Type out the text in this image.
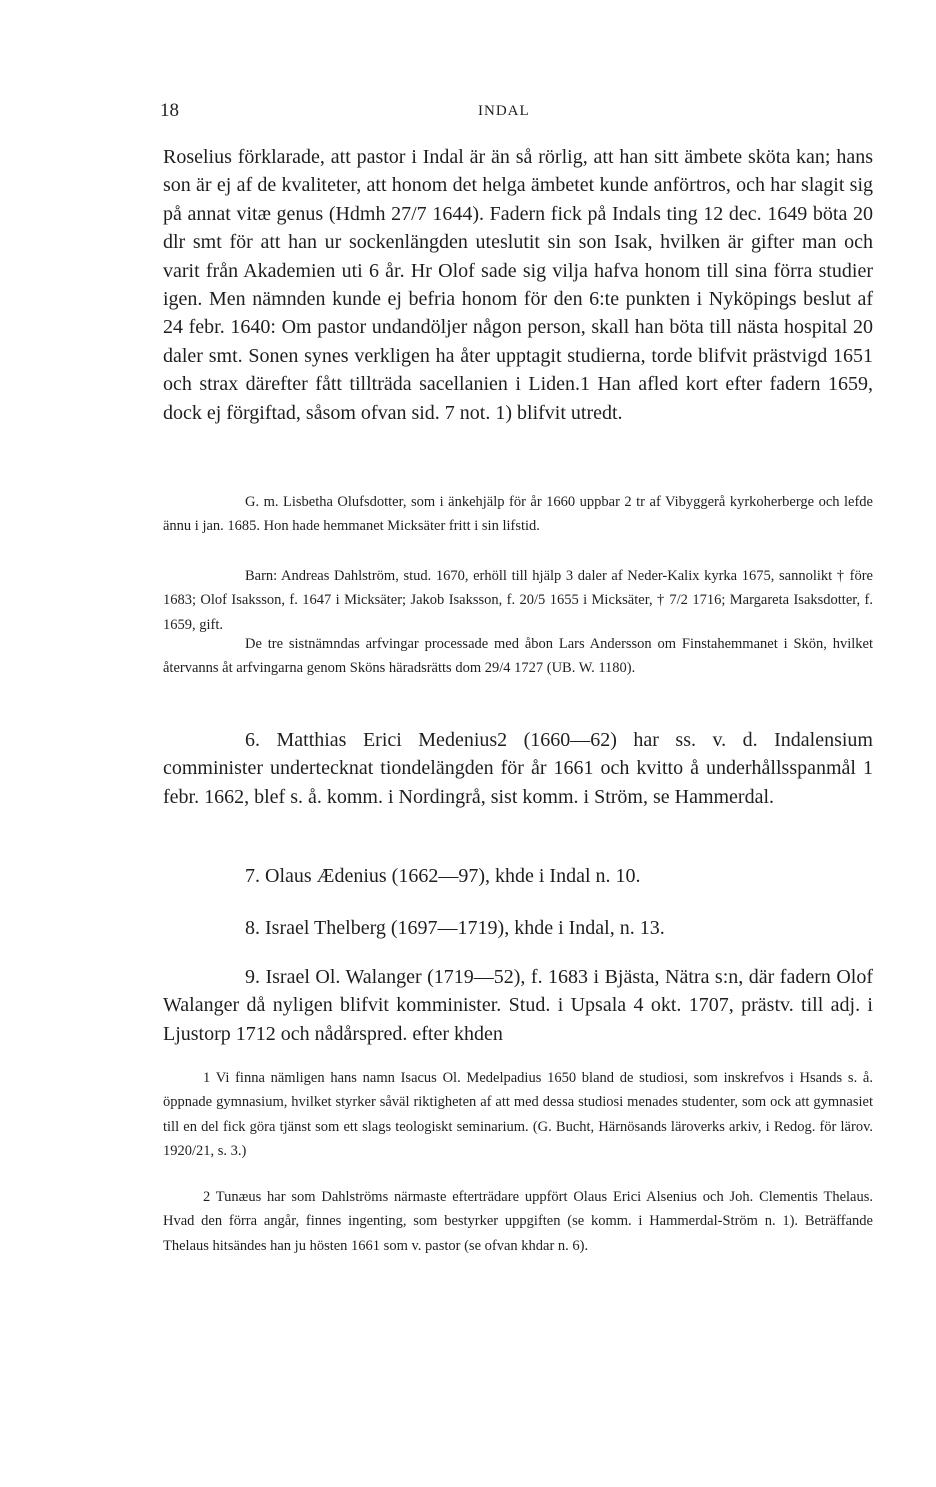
18	INDAL

Roselius förklarade, att pastor i Indal är än så rörlig, att han sitt ämbete sköta kan; hans son är ej af de kvaliteter, att honom det helga ämbetet kunde anförtros, och har slagit sig på annat vitæ genus (Hdmh 27/7 1644). Fadern fick på Indals ting 12 dec. 1649 böta 20 dlr smt för att han ur sockenlängden uteslutit sin son Isak, hvilken är gifter man och varit från Akademien uti 6 år. Hr Olof sade sig vilja hafva honom till sina förra studier igen. Men nämnden kunde ej befria honom för den 6:te punkten i Nyköpings beslut af 24 febr. 1640: Om pastor undandöljer någon person, skall han böta till nästa hospital 20 daler smt. Sonen synes verkligen ha åter upptagit studierna, torde blifvit prästvigd 1651 och strax därefter fått tillträda sacellanien i Liden.1 Han afled kort efter fadern 1659, dock ej förgiftad, såsom ofvan sid. 7 not. 1) blifvit utredt.

G. m. Lisbetha Olufsdotter, som i änkehjälp för år 1660 uppbar 2 tr af Vibyggerå kyrkoherberge och lefde ännu i jan. 1685. Hon hade hemmanet Micksäter fritt i sin lifstid.

Barn: Andreas Dahlström, stud. 1670, erhöll till hjälp 3 daler af Neder-Kalix kyrka 1675, sannolikt † före 1683; Olof Isaksson, f. 1647 i Micksäter; Jakob Isaksson, f. 20/5 1655 i Micksäter, † 7/2 1716; Margareta Isaksdotter, f. 1659, gift.

De tre sistnämndas arfvingar processade med åbon Lars Andersson om Finstahemmanet i Skön, hvilket återvanns åt arfvingarna genom Sköns häradsrätts dom 29/4 1727 (UB. W. 1180).

6. Matthias Erici Medenius2 (1660—62) har ss. v. d. Indalensium comminister undertecknat tiondelängden för år 1661 och kvitto å underhållsspanmål 1 febr. 1662, blef s. å. komm. i Nordingrå, sist komm. i Ström, se Hammerdal.

7. Olaus Ædenius (1662—97), khde i Indal n. 10.

8. Israel Thelberg (1697—1719), khde i Indal, n. 13.

9. Israel Ol. Walanger (1719—52), f. 1683 i Bjästa, Nätra s:n, där fadern Olof Walanger då nyligen blifvit komminister. Stud. i Upsala 4 okt. 1707, prästv. till adj. i Ljustorp 1712 och nådårspred. efter khden

1 Vi finna nämligen hans namn Isacus Ol. Medelpadius 1650 bland de studiosi, som inskrefvos i Hsands s. å. öppnade gymnasium, hvilket styrker såväl riktigheten af att med dessa studiosi menades studenter, som ock att gymnasiet till en del fick göra tjänst som ett slags teologiskt seminarium. (G. Bucht, Härnösands läroverks arkiv, i Redog. för lärov. 1920/21, s. 3.)

2 Tunæus har som Dahlströms närmaste efterträdare uppfört Olaus Erici Alsenius och Joh. Clementis Thelaus. Hvad den förra angår, finnes ingenting, som bestyrker uppgiften (se komm. i Hammerdal-Ström n. 1). Beträffande Thelaus hitsändes han ju hösten 1661 som v. pastor (se ofvan khdar n. 6).
